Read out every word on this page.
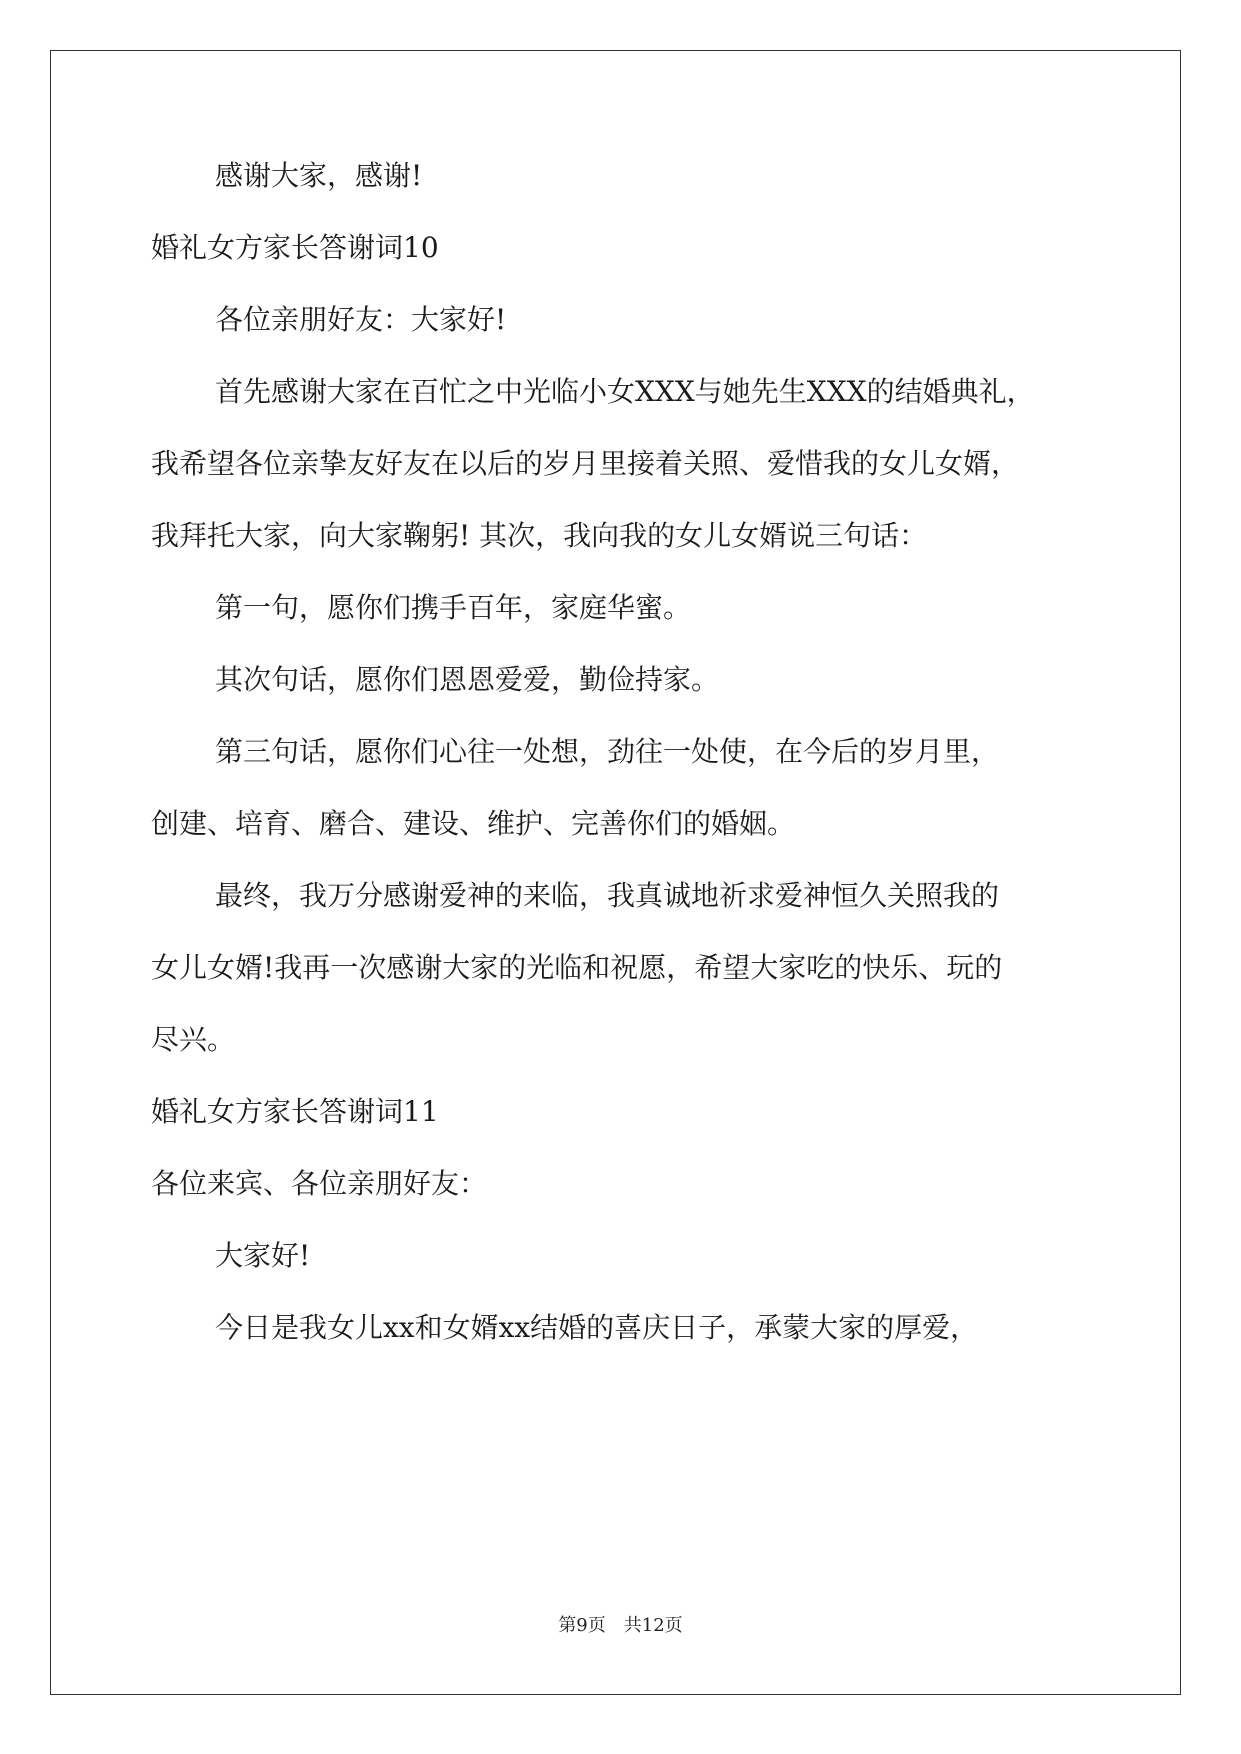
感谢大家，感谢!

婚礼女方家长答谢词10

各位亲朋好友：大家好!

首先感谢大家在百忙之中光临小女XXX与她先生XXX的结婚典礼，

我希望各位亲挚友好友在以后的岁月里接着关照、爱惜我的女儿女婿，

我拜托大家，向大家鞠躬! 其次，我向我的女儿女婿说三句话：

第一句，愿你们携手百年，家庭华蜜。

其次句话，愿你们恩恩爱爱，勤俭持家。

第三句话，愿你们心往一处想，劲往一处使，在今后的岁月里，

创建、培育、磨合、建设、维护、完善你们的婚姻。

最终，我万分感谢爱神的来临，我真诚地祈求爱神恒久关照我的

女儿女婿!我再一次感谢大家的光临和祝愿，希望大家吃的快乐、玩的

尽兴。

婚礼女方家长答谢词11

各位来宾、各位亲朋好友：

大家好!

今日是我女儿xx和女婿xx结婚的喜庆日子，承蒙大家的厚爱，

第9页　共12页
